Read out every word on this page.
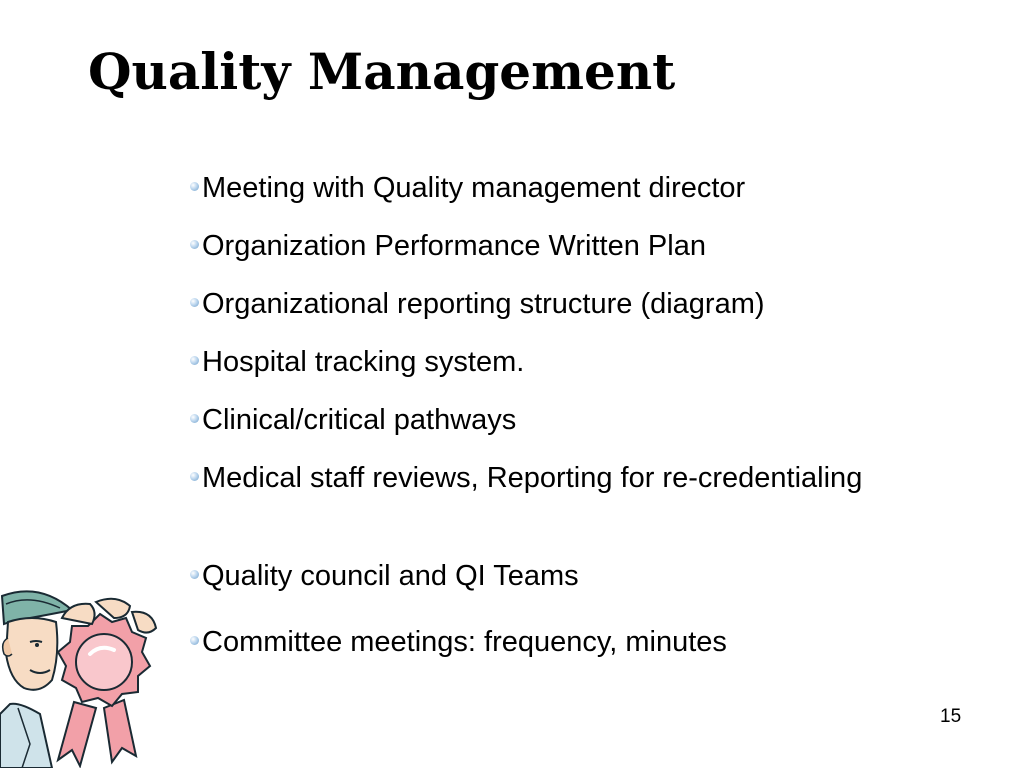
Quality Management
Meeting with Quality management director
Organization Performance Written Plan
Organizational reporting structure (diagram)
Hospital tracking system.
Clinical/critical pathways
Medical staff reviews, Reporting for re-credentialing
Quality council and QI Teams
Committee meetings: frequency, minutes
15
